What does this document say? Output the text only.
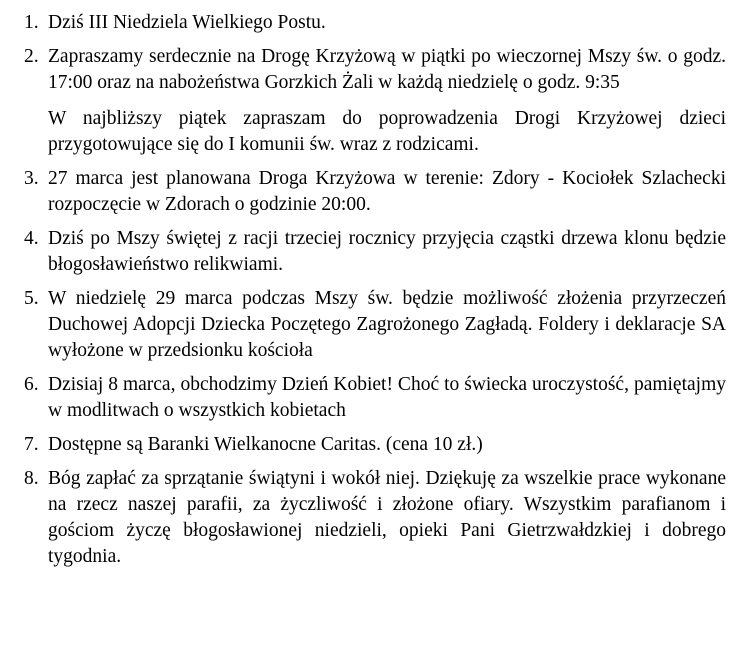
1. Dziś III Niedziela Wielkiego Postu.

2. Zapraszamy serdecznie na Drogę Krzyżową w piątki po wieczornej Mszy św. o godz. 17:00 oraz na nabożeństwa Gorzkich Żali w każdą niedzielę o godz. 9:35

W najbliższy piątek zapraszam do poprowadzenia Drogi Krzyżowej dzieci przygotowujące się do I komunii św. wraz z rodzicami.

3. 27 marca jest planowana Droga Krzyżowa w terenie: Zdory - Kociołek Szlachecki rozpoczęcie w Zdorach o godzinie 20:00.

4. Dziś po Mszy świętej z racji trzeciej rocznicy przyjęcia cząstki drzewa klonu będzie błogosławieństwo relikwiami.

5. W niedzielę 29 marca podczas Mszy św. będzie możliwość złożenia przyrzeczeń Duchowej Adopcji Dziecka Poczętego Zagrożonego Zagładą. Foldery i deklaracje SA wyłożone w przedsionku kościoła

6. Dzisiaj 8 marca, obchodzimy Dzień Kobiet! Choć to świecka uroczystość, pamiętajmy w modlitwach o wszystkich kobietach

7. Dostępne są Baranki Wielkanocne Caritas. (cena 10 zł.)

8. Bóg zapłać za sprzątanie świątyni i wokół niej. Dziękuję za wszelkie prace wykonane na rzecz naszej parafii, za życzliwość i złożone ofiary. Wszystkim parafianom i gościom życzę błogosławionej niedzieli, opieki Pani Gietrzwałdzkiej i dobrego tygodnia.
